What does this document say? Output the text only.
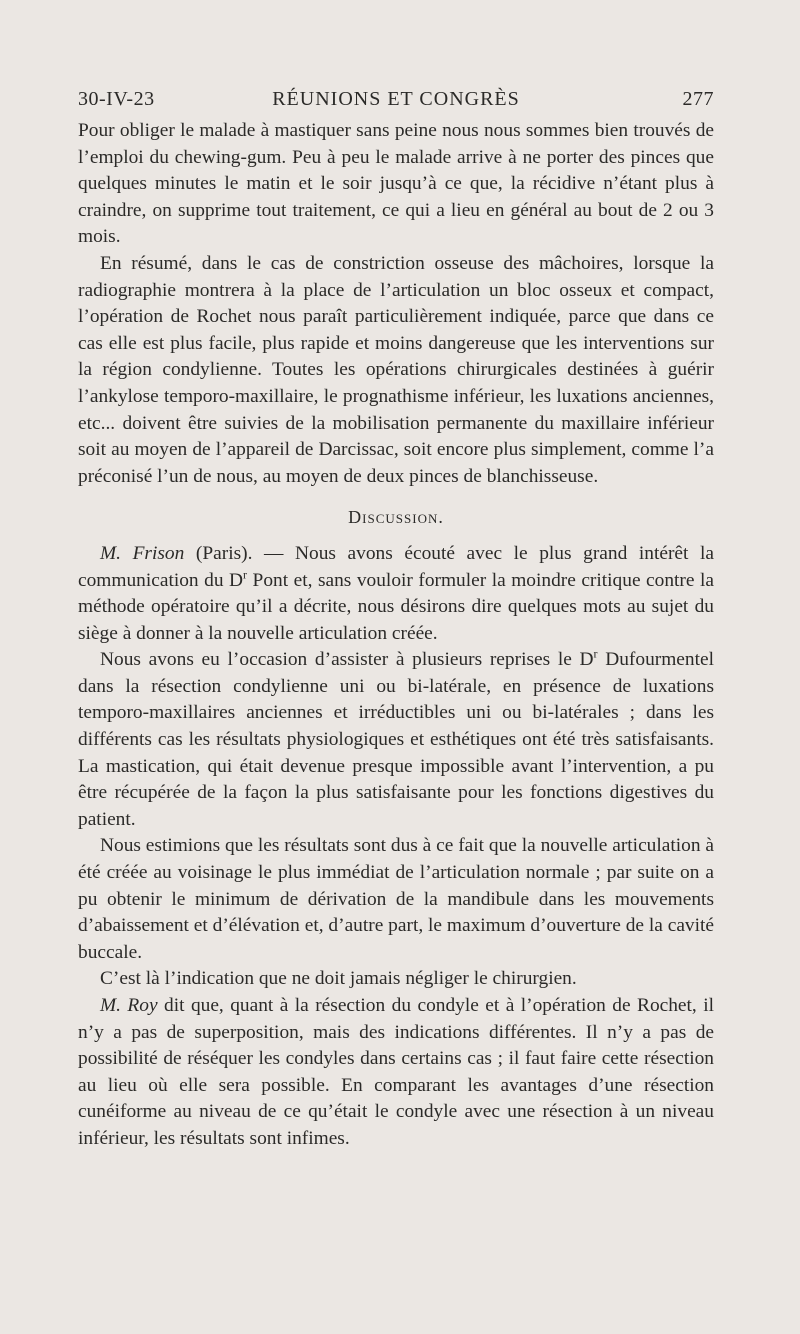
30-IV-23	RÉUNIONS ET CONGRÈS	277

Pour obliger le malade à mastiquer sans peine nous nous sommes bien trouvés de l’emploi du chewing-gum. Peu à peu le malade arrive à ne porter des pinces que quelques minutes le matin et le soir jusqu’à ce que, la récidive n’étant plus à craindre, on supprime tout traitement, ce qui a lieu en général au bout de 2 ou 3 mois.

En résumé, dans le cas de constriction osseuse des mâchoires, lorsque la radiographie montrera à la place de l’articulation un bloc osseux et compact, l’opération de Rochet nous paraît particulièrement indiquée, parce que dans ce cas elle est plus facile, plus rapide et moins dangereuse que les interventions sur la région condylienne. Toutes les opérations chirurgicales destinées à guérir l’ankylose temporo-maxillaire, le prognathisme inférieur, les luxations anciennes, etc... doivent être suivies de la mobilisation permanente du maxillaire inférieur soit au moyen de l’appareil de Darcissac, soit encore plus simplement, comme l’a préconisé l’un de nous, au moyen de deux pinces de blanchisseuse.

Discussion.

M. Frison (Paris). — Nous avons écouté avec le plus grand intérêt la communication du $D^r$ Pont et, sans vouloir formuler la moindre critique contre la méthode opératoire qu’il a décrite, nous désirons dire quelques mots au sujet du siège à donner à la nouvelle articulation créée.

Nous avons eu l’occasion d’assister à plusieurs reprises le $D^r$ Dufourmentel dans la résection condylienne uni ou bi-latérale, en présence de luxations temporo-maxillaires anciennes et irréductibles uni ou bi-latérales ; dans les différents cas les résultats physiologiques et esthétiques ont été très satisfaisants. La mastication, qui était devenue presque impossible avant l’intervention, a pu être récupérée de la façon la plus satisfaisante pour les fonctions digestives du patient.

Nous estimions que les résultats sont dus à ce fait que la nouvelle articulation à été créée au voisinage le plus immédiat de l’articulation normale ; par suite on a pu obtenir le minimum de dérivation de la mandibule dans les mouvements d’abaissement et d’élévation et, d’autre part, le maximum d’ouverture de la cavité buccale.

C’est là l’indication que ne doit jamais négliger le chirurgien.

M. Roy dit que, quant à la résection du condyle et à l’opération de Rochet, il n’y a pas de superposition, mais des indications différentes. Il n’y a pas de possibilité de réséquer les condyles dans certains cas ; il faut faire cette résection au lieu où elle sera possible. En comparant les avantages d’une résection cunéiforme au niveau de ce qu’était le condyle avec une résection à un niveau inférieur, les résultats sont infimes.
